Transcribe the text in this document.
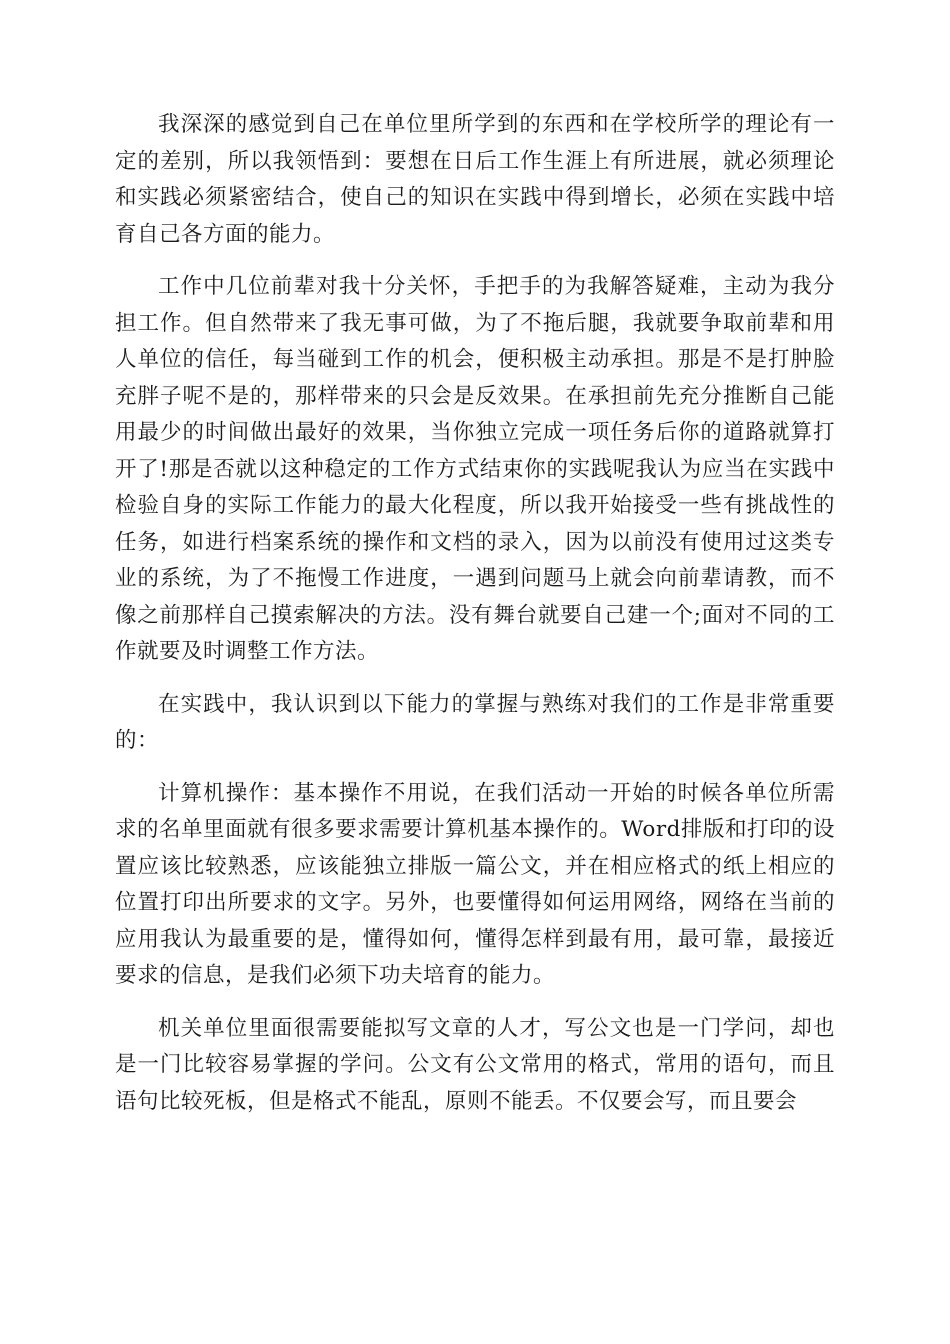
我深深的感觉到自己在单位里所学到的东西和在学校所学的理论有一定的差别，所以我领悟到：要想在日后工作生涯上有所进展，就必须理论和实践必须紧密结合，使自己的知识在实践中得到增长，必须在实践中培育自己各方面的能力。

工作中几位前辈对我十分关怀，手把手的为我解答疑难，主动为我分担工作。但自然带来了我无事可做，为了不拖后腿，我就要争取前辈和用人单位的信任，每当碰到工作的机会，便积极主动承担。那是不是打肿脸充胖子呢不是的，那样带来的只会是反效果。在承担前先充分推断自己能用最少的时间做出最好的效果，当你独立完成一项任务后你的道路就算打开了!那是否就以这种稳定的工作方式结束你的实践呢我认为应当在实践中检验自身的实际工作能力的最大化程度，所以我开始接受一些有挑战性的任务，如进行档案系统的操作和文档的录入，因为以前没有使用过这类专业的系统，为了不拖慢工作进度，一遇到问题马上就会向前辈请教，而不像之前那样自己摸索解决的方法。没有舞台就要自己建一个;面对不同的工作就要及时调整工作方法。

在实践中，我认识到以下能力的掌握与熟练对我们的工作是非常重要的：

计算机操作：基本操作不用说，在我们活动一开始的时候各单位所需求的名单里面就有很多要求需要计算机基本操作的。Word排版和打印的设置应该比较熟悉，应该能独立排版一篇公文，并在相应格式的纸上相应的位置打印出所要求的文字。另外，也要懂得如何运用网络，网络在当前的应用我认为最重要的是，懂得如何，懂得怎样到最有用，最可靠，最接近要求的信息，是我们必须下功夫培育的能力。

机关单位里面很需要能拟写文章的人才，写公文也是一门学问，却也是一门比较容易掌握的学问。公文有公文常用的格式，常用的语句，而且语句比较死板，但是格式不能乱，原则不能丢。不仅要会写，而且要会
